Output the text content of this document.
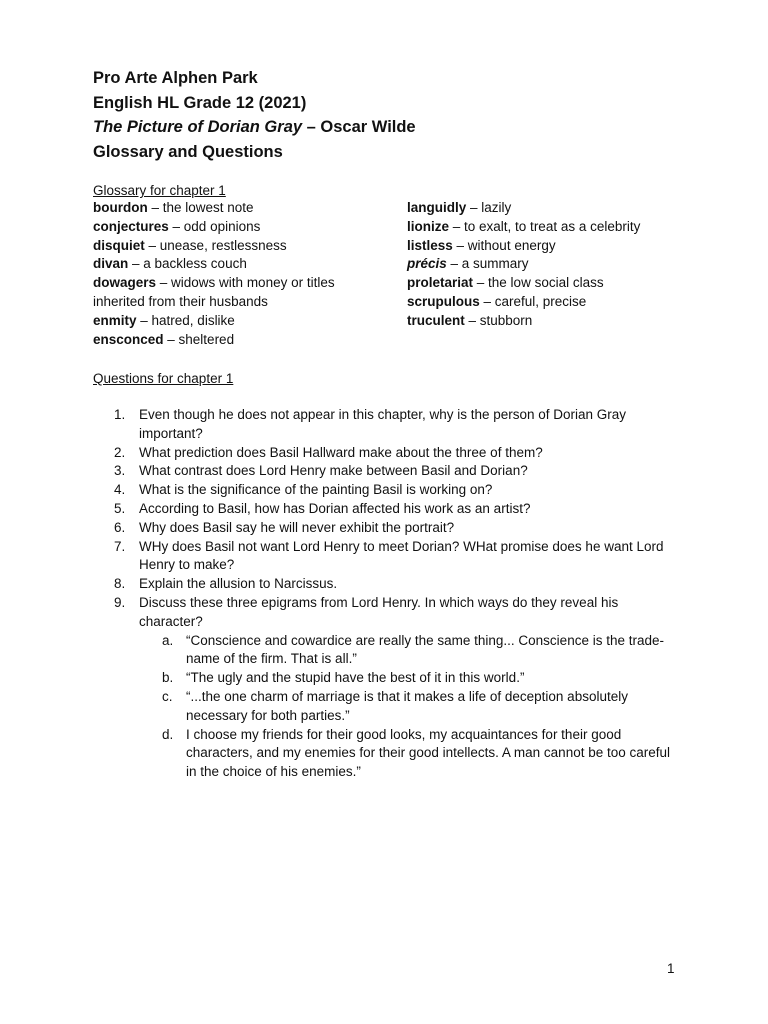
Pro Arte Alphen Park
English HL Grade 12 (2021)
The Picture of Dorian Gray – Oscar Wilde
Glossary and Questions
Glossary for chapter 1

bourdon – the lowest note

conjectures – odd opinions

disquiet – unease, restlessness

divan – a backless couch

dowagers – widows with money or titles inherited from their husbands

enmity – hatred, dislike

ensconced – sheltered

languidly – lazily

lionize – to exalt, to treat as a celebrity

listless – without energy

précis – a summary

proletariat – the low social class

scrupulous – careful, precise

truculent – stubborn

Questions for chapter 1
1.	Even though he does not appear in this chapter, why is the person of Dorian Gray important?
2.	What prediction does Basil Hallward make about the three of them?
3.	What contrast does Lord Henry make between Basil and Dorian?
4.	What is the significance of the painting Basil is working on?
5.	According to Basil, how has Dorian affected his work as an artist?
6.	Why does Basil say he will never exhibit the portrait?
7.	WHy does Basil not want Lord Henry to meet Dorian? WHat promise does he want Lord Henry to make?
8.	Explain the allusion to Narcissus.
9.	Discuss these three epigrams from Lord Henry. In which ways do they reveal his character?
a. “Conscience and cowardice are really the same thing... Conscience is the trade-name of the firm. That is all.”
b. “The ugly and the stupid have the best of it in this world.”
c. “...the one charm of marriage is that it makes a life of deception absolutely necessary for both parties.”
d. I choose my friends for their good looks, my acquaintances for their good characters, and my enemies for their good intellects. A man cannot be too careful in the choice of his enemies.”
1
